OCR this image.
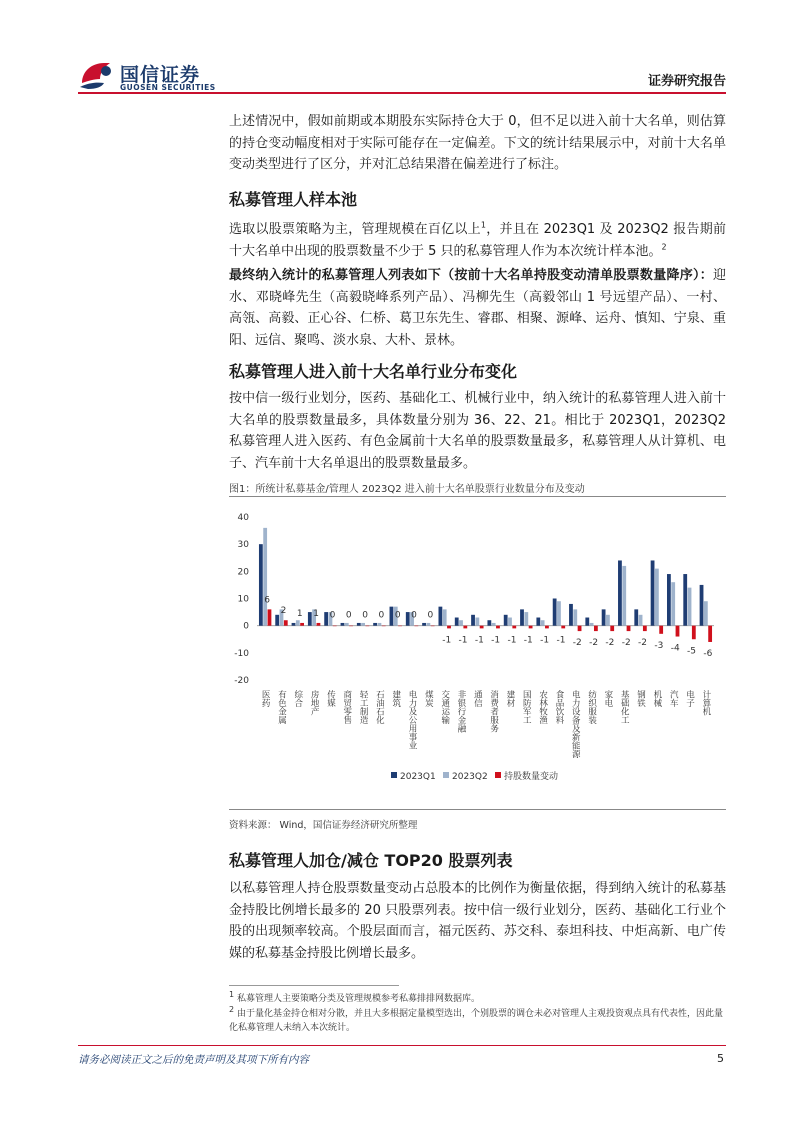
国信证券
GUOSEN SECURITIES	证券研究报告

上述情况中，假如前期或本期股东实际持仓大于 0，但不足以进入前十大名单，则估算的持仓变动幅度相对于实际可能存在一定偏差。下文的统计结果展示中，对前十大名单变动类型进行了区分，并对汇总结果潜在偏差进行了标注。

私募管理人样本池

选取以股票策略为主，管理规模在百亿以上$^1$，并且在 2023Q1 及 2023Q2 报告期前十大名单中出现的股票数量不少于 5 只的私募管理人作为本次统计样本池。$^2$

最终纳入统计的私募管理人列表如下（按前十大名单持股变动清单股票数量降序）：迎水、邓晓峰先生（高毅晓峰系列产品）、冯柳先生（高毅邻山 1 号远望产品）、一村、高瓴、高毅、正心谷、仁桥、葛卫东先生、睿郡、相聚、源峰、运舟、慎知、宁泉、重阳、远信、聚鸣、淡水泉、大朴、景林。

私募管理人进入前十大名单行业分布变化

按中信一级行业划分，医药、基础化工、机械行业中，纳入统计的私募管理人进入前十大名单的股票数量最多，具体数量分别为 36、22、21。相比于 2023Q1，2023Q2 私募管理人进入医药、有色金属前十大名单的股票数量最多，私募管理人从计算机、电子、汽车前十大名单退出的股票数量最多。

图1：所统计私募基金/管理人 2023Q2 进入前十大名单股票行业数量分布及变动
40
30
20
10
0
-10
-20
6
医药
2
有色金属
1
综合
1
房地产
0
传媒
0
商贸零售
0
轻工制造
0
石油石化
0
建筑
0
电力及公用事业
0
煤炭
-1
交通运输
-1
非银行金融
-1
通信
-1
消费者服务
-1
建材
-1
国防军工
-1
农林牧渔
-1
食品饮料
-2
电力设备及新能源
-2
纺织服装
-2
家电
-2
基础化工
-2
钢铁
-3
机械
-4
汽车
-5
电子
-6
计算机
2023Q1 2023Q2 持股数量变动
资料来源： Wind，国信证券经济研究所整理
私募管理人加仓/减仓 TOP20 股票列表

以私募管理人持仓股票数量变动占总股本的比例作为衡量依据，得到纳入统计的私募基金持股比例增长最多的 20 只股票列表。按中信一级行业划分，医药、基础化工行业个股的出现频率较高。个股层面而言，福元医药、苏交科、泰坦科技、中炬高新、电广传媒的私募基金持股比例增长最多。

$^1$ 私募管理人主要策略分类及管理规模参考私募排排网数据库。

$^2$ 由于量化基金持仓相对分散，并且大多根据定量模型选出，个别股票的调仓未必对管理人主观投资观点具有代表性，因此量化私募管理人未纳入本次统计。

请务必阅读正文之后的免责声明及其项下所有内容	5
